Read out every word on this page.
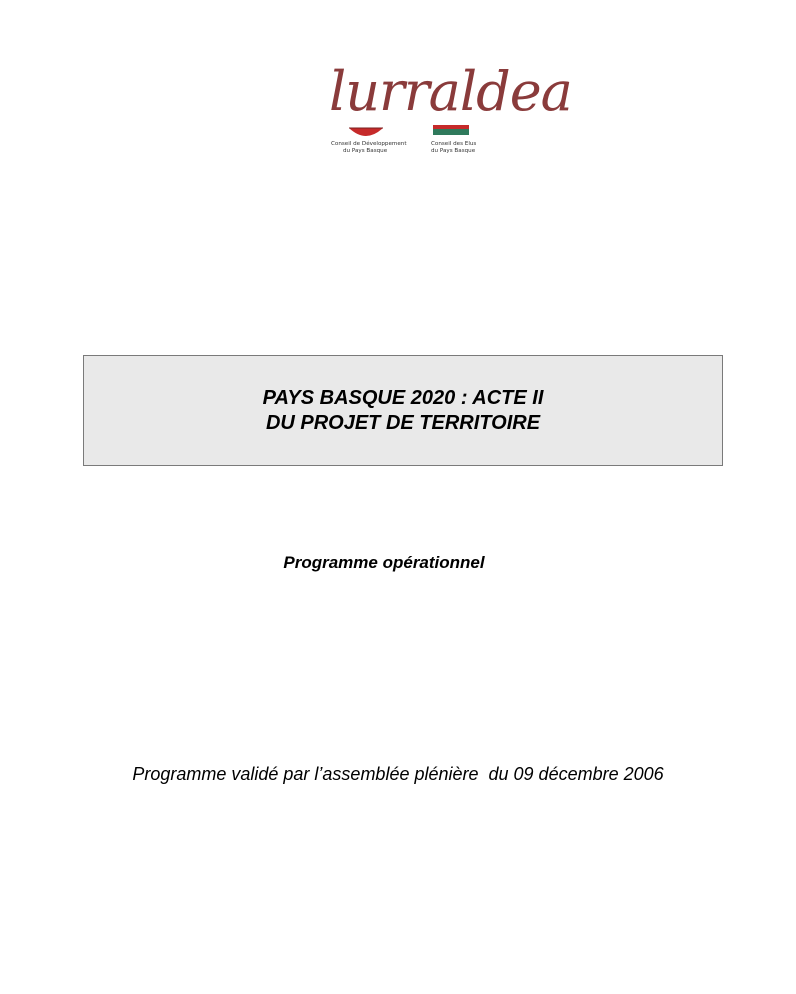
lurraldea
Conseil de Développement
du Pays Basque
Conseil des Elus
du Pays Basque
PAYS BASQUE 2020 : ACTE II
DU PROJET DE TERRITOIRE
Programme opérationnel
Programme validé par l’assemblée plénière  du 09 décembre 2006
